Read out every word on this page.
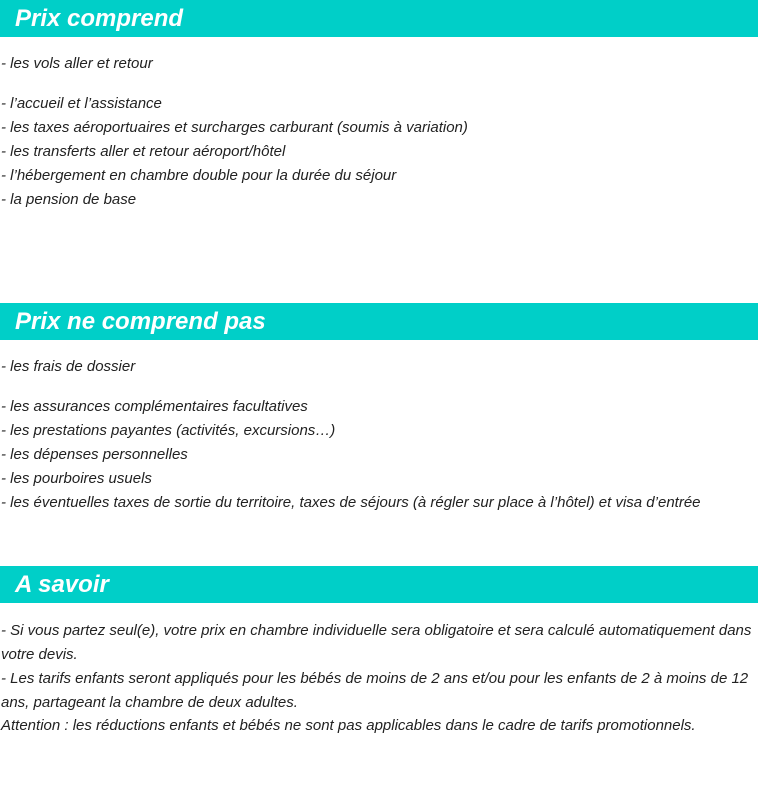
Prix comprend
- les vols aller et retour
- l’accueil et l’assistance
- les taxes aéroportuaires et surcharges carburant (soumis à variation)
- les transferts aller et retour aéroport/hôtel
- l’hébergement en chambre double pour la durée du séjour
- la pension de base
Prix ne comprend pas
- les frais de dossier
- les assurances complémentaires facultatives
- les prestations payantes (activités, excursions…)
- les dépenses personnelles
- les pourboires usuels
- les éventuelles taxes de sortie du territoire, taxes de séjours (à régler sur place à l’hôtel) et visa d’entrée
A savoir
- Si vous partez seul(e), votre prix en chambre individuelle sera obligatoire et sera calculé automatiquement dans votre devis.
- Les tarifs enfants seront appliqués pour les bébés de moins de 2 ans et/ou pour les enfants de 2 à moins de 12 ans, partageant la chambre de deux adultes.
Attention : les réductions enfants et bébés ne sont pas applicables dans le cadre de tarifs promotionnels.
